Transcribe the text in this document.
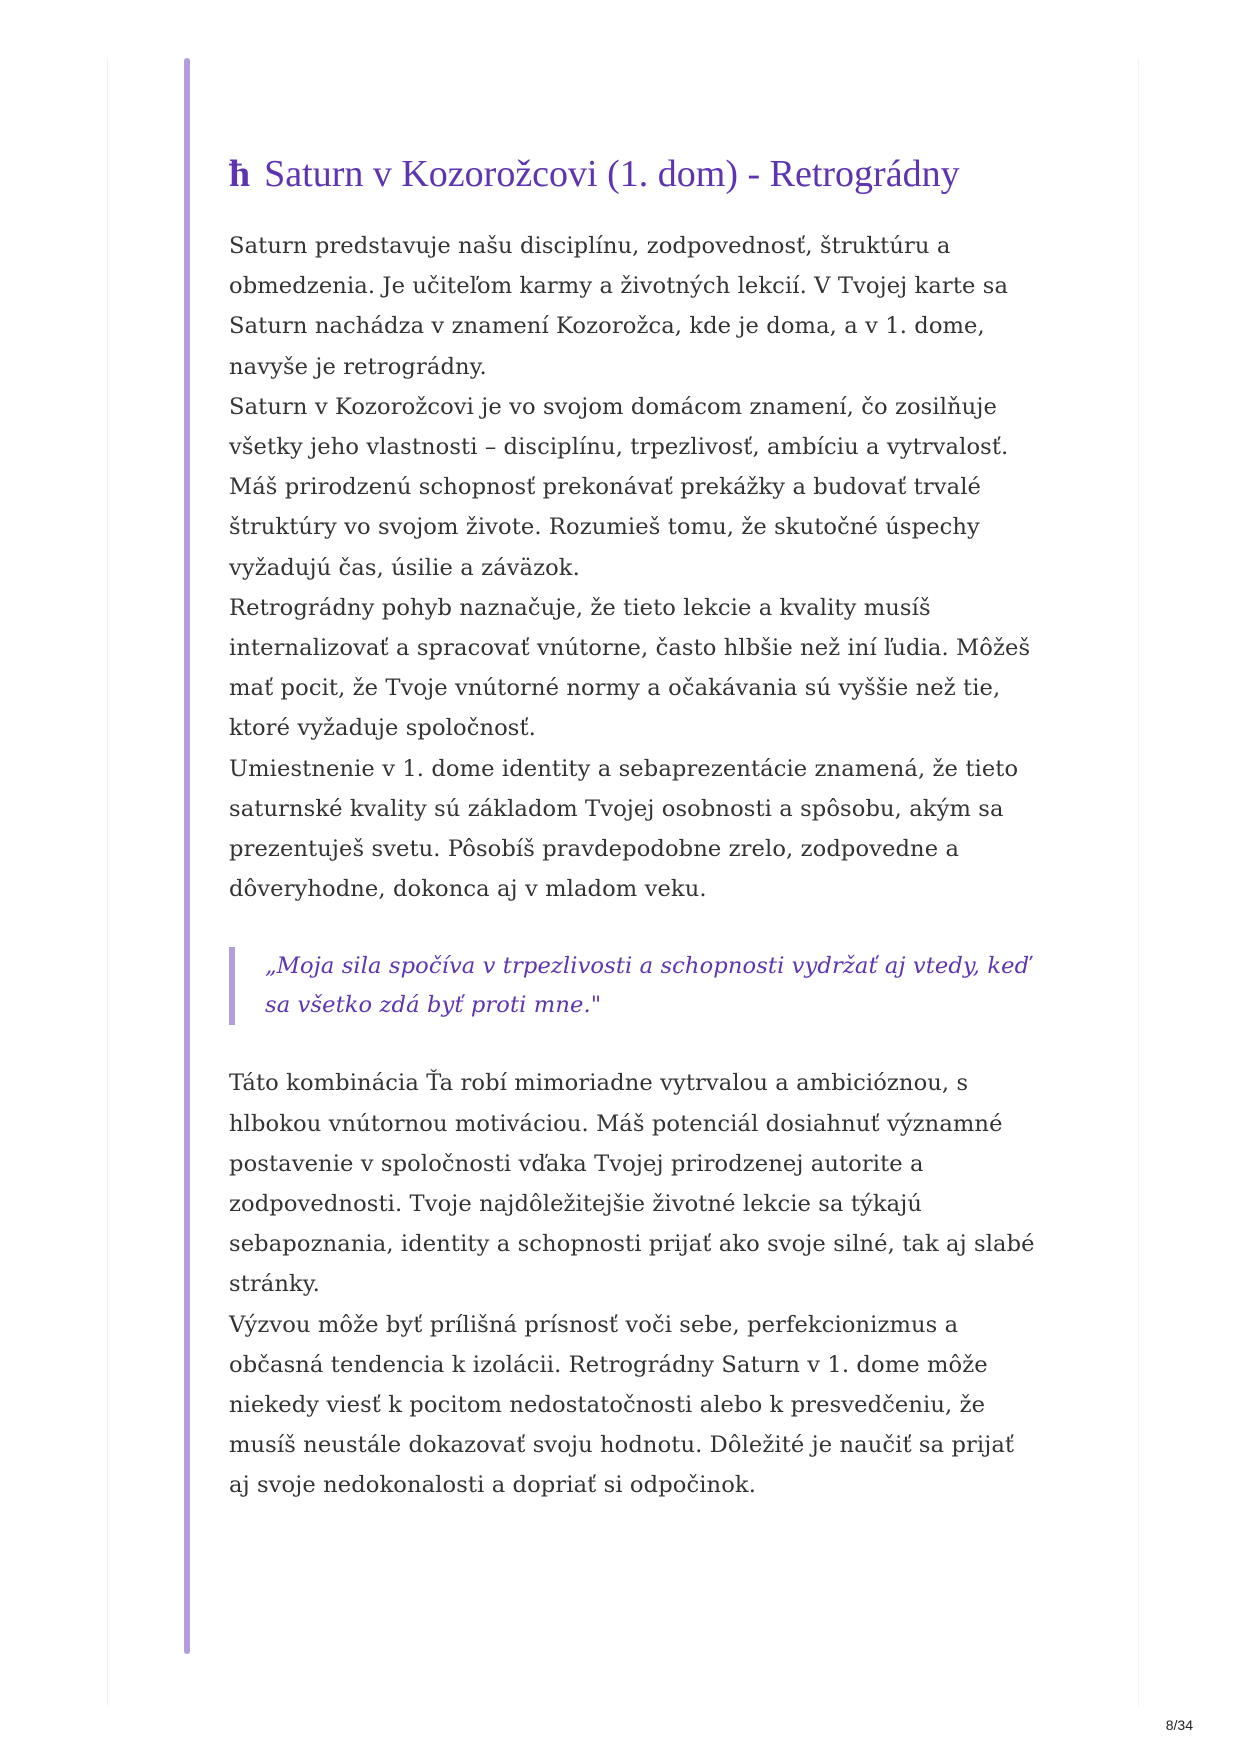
ħ Saturn v Kozorožcovi (1. dom) - Retrográdny

Saturn predstavuje našu disciplínu, zodpovednosť, štruktúru a obmedzenia. Je učiteľom karmy a životných lekcií. V Tvojej karte sa Saturn nachádza v znamení Kozorožca, kde je doma, a v 1. dome, navyše je retrográdny.

Saturn v Kozorožcovi je vo svojom domácom znamení, čo zosilňuje všetky jeho vlastnosti – disciplínu, trpezlivosť, ambíciu a vytrvalosť. Máš prirodzenú schopnosť prekonávať prekážky a budovať trvalé štruktúry vo svojom živote. Rozumieš tomu, že skutočné úspechy vyžadujú čas, úsilie a záväzok.

Retrográdny pohyb naznačuje, že tieto lekcie a kvality musíš internalizovať a spracovať vnútorne, často hlbšie než iní ľudia. Môžeš mať pocit, že Tvoje vnútorné normy a očakávania sú vyššie než tie, ktoré vyžaduje spoločnosť.

Umiestnenie v 1. dome identity a sebaprezentácie znamená, že tieto saturnské kvality sú základom Tvojej osobnosti a spôsobu, akým sa prezentuješ svetu. Pôsobíš pravdepodobne zrelo, zodpovedne a dôveryhodne, dokonca aj v mladom veku.

„Moja sila spočíva v trpezlivosti a schopnosti vydržať aj vtedy, keď sa všetko zdá byť proti mne."

Táto kombinácia Ťa robí mimoriadne vytrvalou a ambicióznou, s hlbokou vnútornou motiváciou. Máš potenciál dosiahnuť významné postavenie v spoločnosti vďaka Tvojej prirodzenej autorite a zodpovednosti. Tvoje najdôležitejšie životné lekcie sa týkajú sebapoznania, identity a schopnosti prijať ako svoje silné, tak aj slabé stránky.

Výzvou môže byť prílišná prísnosť voči sebe, perfekcionizmus a občasná tendencia k izolácii. Retrográdny Saturn v 1. dome môže niekedy viesť k pocitom nedostatočnosti alebo k presvedčeniu, že musíš neustále dokazovať svoju hodnotu. Dôležité je naučiť sa prijať aj svoje nedokonalosti a dopriať si odpočinok.

8/34
